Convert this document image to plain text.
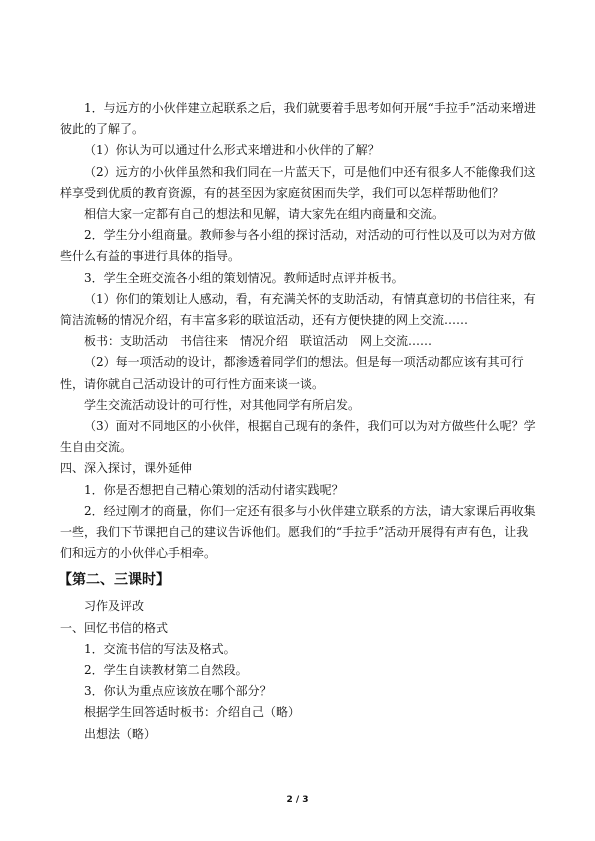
1．与远方的小伙伴建立起联系之后，我们就要着手思考如何开展“手拉手”活动来增进彼此的了解了。

（1）你认为可以通过什么形式来增进和小伙伴的了解？

（2）远方的小伙伴虽然和我们同在一片蓝天下，可是他们中还有很多人不能像我们这样享受到优质的教育资源，有的甚至因为家庭贫困而失学，我们可以怎样帮助他们？

相信大家一定都有自己的想法和见解，请大家先在组内商量和交流。

2．学生分小组商量。教师参与各小组的探讨活动，对活动的可行性以及可以为对方做些什么有益的事进行具体的指导。

3．学生全班交流各小组的策划情况。教师适时点评并板书。

（1）你们的策划让人感动，看，有充满关怀的支助活动，有情真意切的书信往来，有简洁流畅的情况介绍，有丰富多彩的联谊活动，还有方便快捷的网上交流……

板书：支助活动　书信往来　情况介绍　联谊活动　网上交流……

（2）每一项活动的设计，都渗透着同学们的想法。但是每一项活动都应该有其可行性，请你就自己活动设计的可行性方面来谈一谈。

学生交流活动设计的可行性，对其他同学有所启发。

（3）面对不同地区的小伙伴，根据自己现有的条件，我们可以为对方做些什么呢？学生自由交流。

四、深入探讨，课外延伸

1．你是否想把自己精心策划的活动付诸实践呢？

2．经过刚才的商量，你们一定还有很多与小伙伴建立联系的方法，请大家课后再收集一些，我们下节课把自己的建议告诉他们。愿我们的“手拉手”活动开展得有声有色，让我们和远方的小伙伴心手相牵。

【第二、三课时】

习作及评改

一、回忆书信的格式

1．交流书信的写法及格式。

2．学生自读教材第二自然段。

3．你认为重点应该放在哪个部分？

根据学生回答适时板书：介绍自己（略）

出想法（略）

2 / 3
